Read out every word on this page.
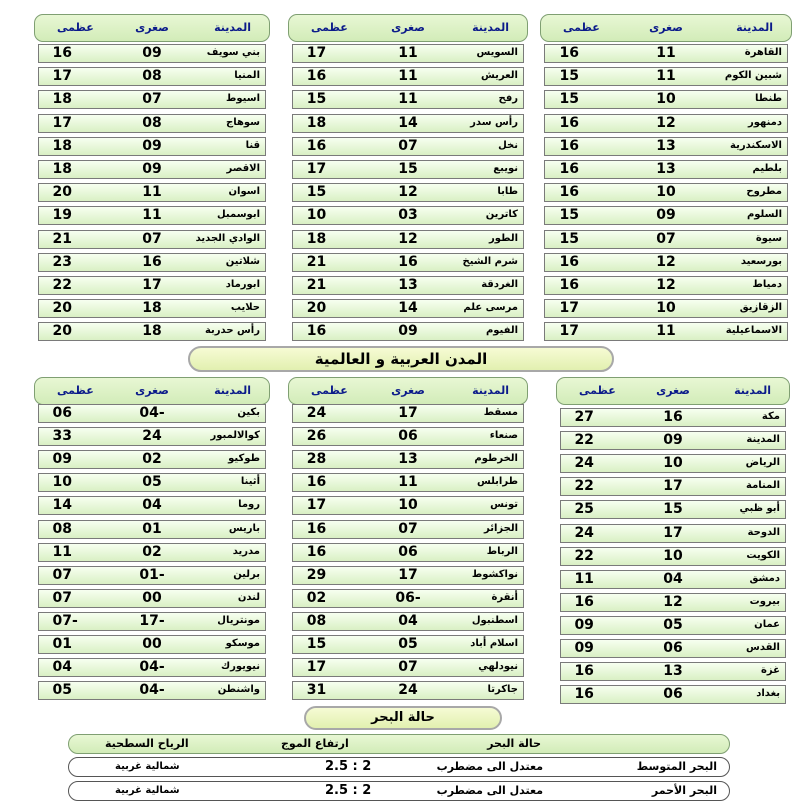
المدينة
صغرى
عظمى
القاهرة
11
16
شبين الكوم
11
15
طنطا
10
15
دمنهور
12
16
الاسكندرية
13
16
بلطيم
13
16
مطروح
10
16
السلوم
09
15
سيوة
07
15
بورسعيد
12
16
دمياط
12
16
الزقازيق
10
17
الاسماعيلية
11
17
المدينة
صغرى
عظمى
السويس
11
17
العريش
11
16
رفح
11
15
رأس سدر
14
18
نخل
07
16
نويبع
15
17
طابا
12
15
كاترين
03
10
الطور
12
18
شرم الشيخ
16
21
الغردقة
13
21
مرسى علم
14
20
الفيوم
09
16
المدينة
صغرى
عظمى
بني سويف
09
16
المنيا
08
17
اسيوط
07
18
سوهاج
08
17
قنا
09
18
الاقصر
09
18
اسوان
11
20
ابوسمبل
11
19
الوادي الجديد
07
21
شلاتين
16
23
ابورماد
17
22
حلايب
18
20
رأس حدربة
18
20
المدينة
صغرى
عظمى
مكة
16
27
المدينة
09
22
الرياض
10
24
المنامة
17
22
أبو ظبي
15
25
الدوحة
17
24
الكويت
10
22
دمشق
04
11
بيروت
12
16
عمان
05
09
القدس
06
09
غزة
13
16
بغداد
06
16
المدينة
صغرى
عظمى
مسقط
17
24
صنعاء
06
26
الخرطوم
13
28
طرابلس
11
16
تونس
10
17
الجزائر
07
16
الرباط
06
16
نواكشوط
17
29
أنقرة
06-
02
اسطنبول
04
08
اسلام أباد
05
15
نيودلهي
07
17
جاكرتا
24
31
المدينة
صغرى
عظمى
بكين
04-
06
كوالالمبور
24
33
طوكيو
02
09
أثينا
05
10
روما
04
14
باريس
01
08
مدريد
02
11
برلين
01-
07
لندن
00
07
مونتريال
17-
07-
موسكو
00
01
نيويورك
04-
04
واشنطن
04-
05
المدن العربية و العالمية
حالة البحر
حالة البحر
ارتفاع الموج
الرياح السطحية
البحر المتوسط
معتدل الى مضطرب
2.5 : 2
شمالية غربية
البحر الأحمر
معتدل الى مضطرب
2.5 : 2
شمالية غربية
